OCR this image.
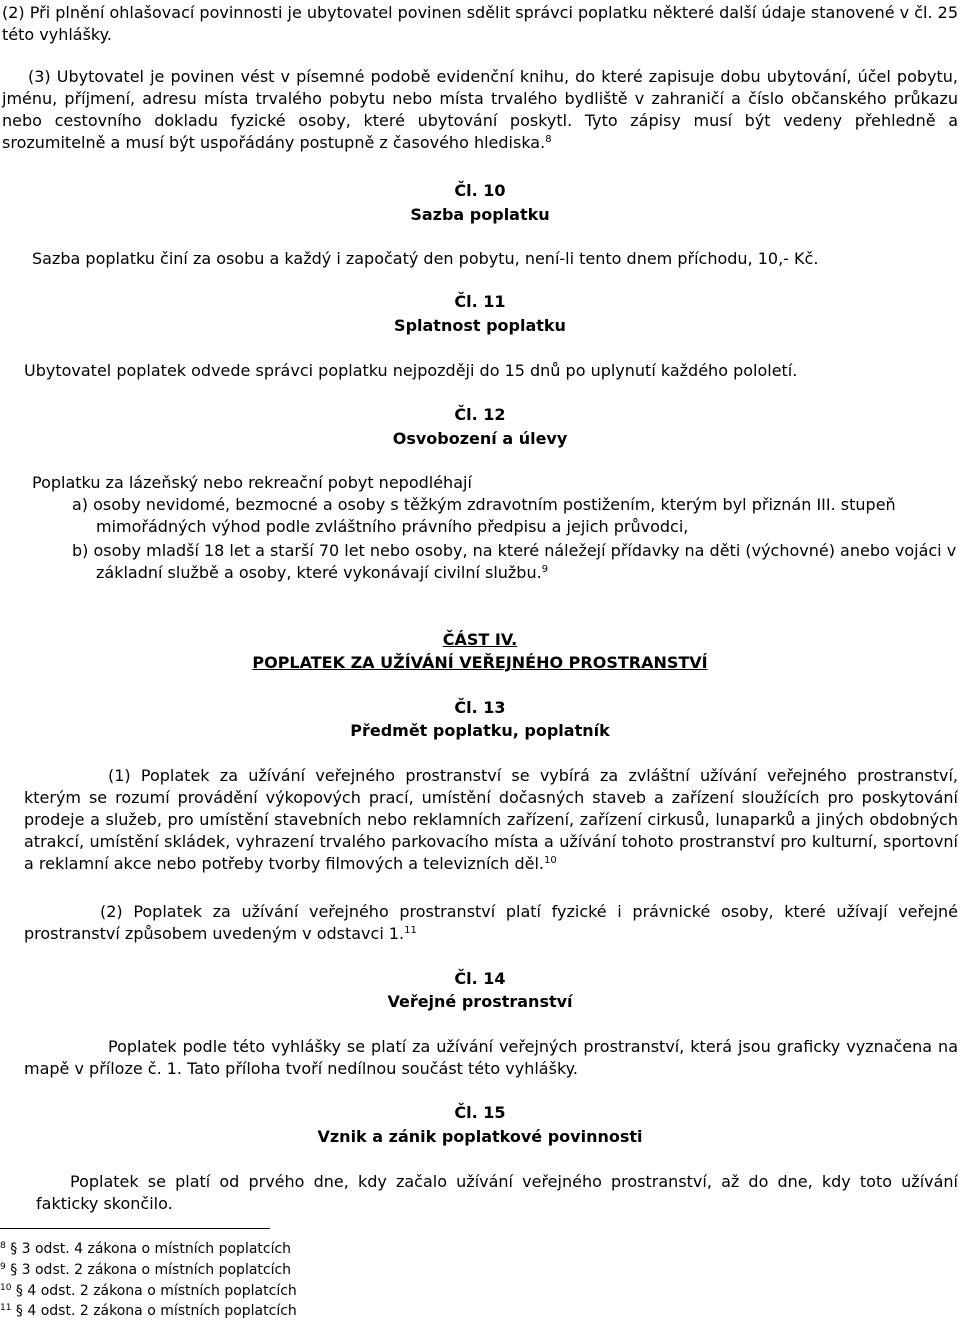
(2) Při plnění ohlašovací povinnosti je ubytovatel povinen sdělit správci poplatku některé další údaje stanovené v čl. 25 této vyhlášky.

(3) Ubytovatel je povinen vést v písemné podobě evidenční knihu, do které zapisuje dobu ubytování, účel pobytu, jménu, příjmení, adresu místa trvalého pobytu nebo místa trvalého bydliště v zahraničí a číslo občanského průkazu nebo cestovního dokladu fyzické osoby, které ubytování poskytl. Tyto zápisy musí být vedeny přehledně a srozumitelně a musí být uspořádány postupně z časového hlediska.$^8$

Čl. 10

Sazba poplatku

Sazba poplatku činí za osobu a každý i započatý den pobytu, není-li tento dnem příchodu, 10,- Kč.

Čl. 11

Splatnost poplatku

Ubytovatel poplatek odvede správci poplatku nejpozději do 15 dnů po uplynutí každého pololetí.

Čl. 12

Osvobození a úlevy

Poplatku za lázeňský nebo rekreační pobyt nepodléhají

a) osoby nevidomé, bezmocné a osoby s těžkým zdravotním postižením, kterým byl přiznán III. stupeň mimořádných výhod podle zvláštního právního předpisu a jejich průvodci,

b) osoby mladší 18 let a starší 70 let nebo osoby, na které náležejí přídavky na děti (výchovné) anebo vojáci v základní službě a osoby, které vykonávají civilní službu.$^9$

ČÁST IV.

POPLATEK ZA UŽÍVÁNÍ VEŘEJNÉHO PROSTRANSTVÍ

Čl. 13

Předmět poplatku, poplatník

(1) Poplatek za užívání veřejného prostranství se vybírá za zvláštní užívání veřejného prostranství, kterým se rozumí provádění výkopových prací, umístění dočasných staveb a zařízení sloužících pro poskytování prodeje a služeb, pro umístění stavebních nebo reklamních zařízení, zařízení cirkusů, lunaparků a jiných obdobných atrakcí, umístění skládek, vyhrazení trvalého parkovacího místa a užívání tohoto prostranství pro kulturní, sportovní a reklamní akce nebo potřeby tvorby filmových a televizních děl.$^{10}$

(2) Poplatek za užívání veřejného prostranství platí fyzické i právnické osoby, které užívají veřejné prostranství způsobem uvedeným v odstavci 1.11

Čl. 14

Veřejné prostranství

Poplatek podle této vyhlášky se platí za užívání veřejných prostranství, která jsou graficky vyznačena na mapě v příloze č. 1. Tato příloha tvoří nedílnou součást této vyhlášky.

Čl. 15

Vznik a zánik poplatkové povinnosti

Poplatek se platí od prvého dne, kdy začalo užívání veřejného prostranství, až do dne, kdy toto užívání fakticky skončilo.

$^8$ § 3 odst. 4 zákona o místních poplatcích
$^9$ § 3 odst. 2 zákona o místních poplatcích
$^{10}$ § 4 odst. 2 zákona o místních poplatcích
$^{11}$ § 4 odst. 2 zákona o místních poplatcích
